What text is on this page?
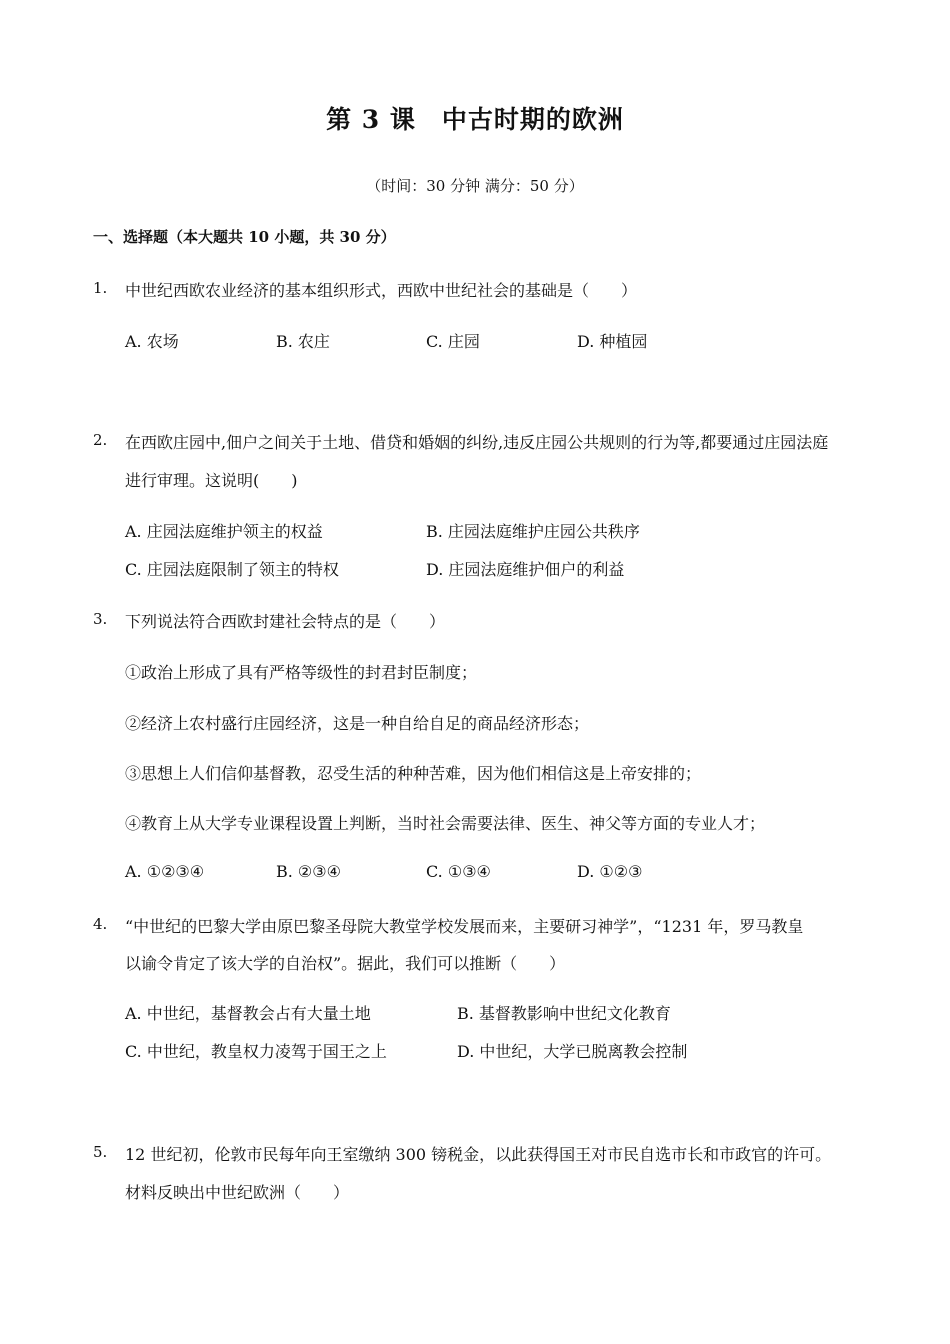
第 3 课　中古时期的欧洲
（时间：30 分钟 满分：50 分）
一、选择题（本大题共 10 小题，共 30 分）
1. 中世纪西欧农业经济的基本组织形式，西欧中世纪社会的基础是（　　）
A. 农场	B. 农庄	C. 庄园	D. 种植园
2. 在西欧庄园中,佃户之间关于土地、借贷和婚姻的纠纷,违反庄园公共规则的行为等,都要通过庄园法庭
进行审理。这说明(　　)
A. 庄园法庭维护领主的权益	B. 庄园法庭维护庄园公共秩序
C. 庄园法庭限制了领主的特权	D. 庄园法庭维护佃户的利益
3. 下列说法符合西欧封建社会特点的是（　　）
①政治上形成了具有严格等级性的封君封臣制度；
②经济上农村盛行庄园经济，这是一种自给自足的商品经济形态；
③思想上人们信仰基督教，忍受生活的种种苦难，因为他们相信这是上帝安排的；
④教育上从大学专业课程设置上判断，当时社会需要法律、医生、神父等方面的专业人才；
A. ①②③④	B. ②③④	C. ①③④	D. ①②③
4. “中世纪的巴黎大学由原巴黎圣母院大教堂学校发展而来，主要研习神学”，“1231 年，罗马教皇
以谕令肯定了该大学的自治权”。据此，我们可以推断（　　）
A. 中世纪，基督教会占有大量土地	B. 基督教影响中世纪文化教育
C. 中世纪，教皇权力凌驾于国王之上	D. 中世纪，大学已脱离教会控制
5. 12 世纪初，伦敦市民每年向王室缴纳 300 镑税金，以此获得国王对市民自选市长和市政官的许可。
材料反映出中世纪欧洲（　　）
